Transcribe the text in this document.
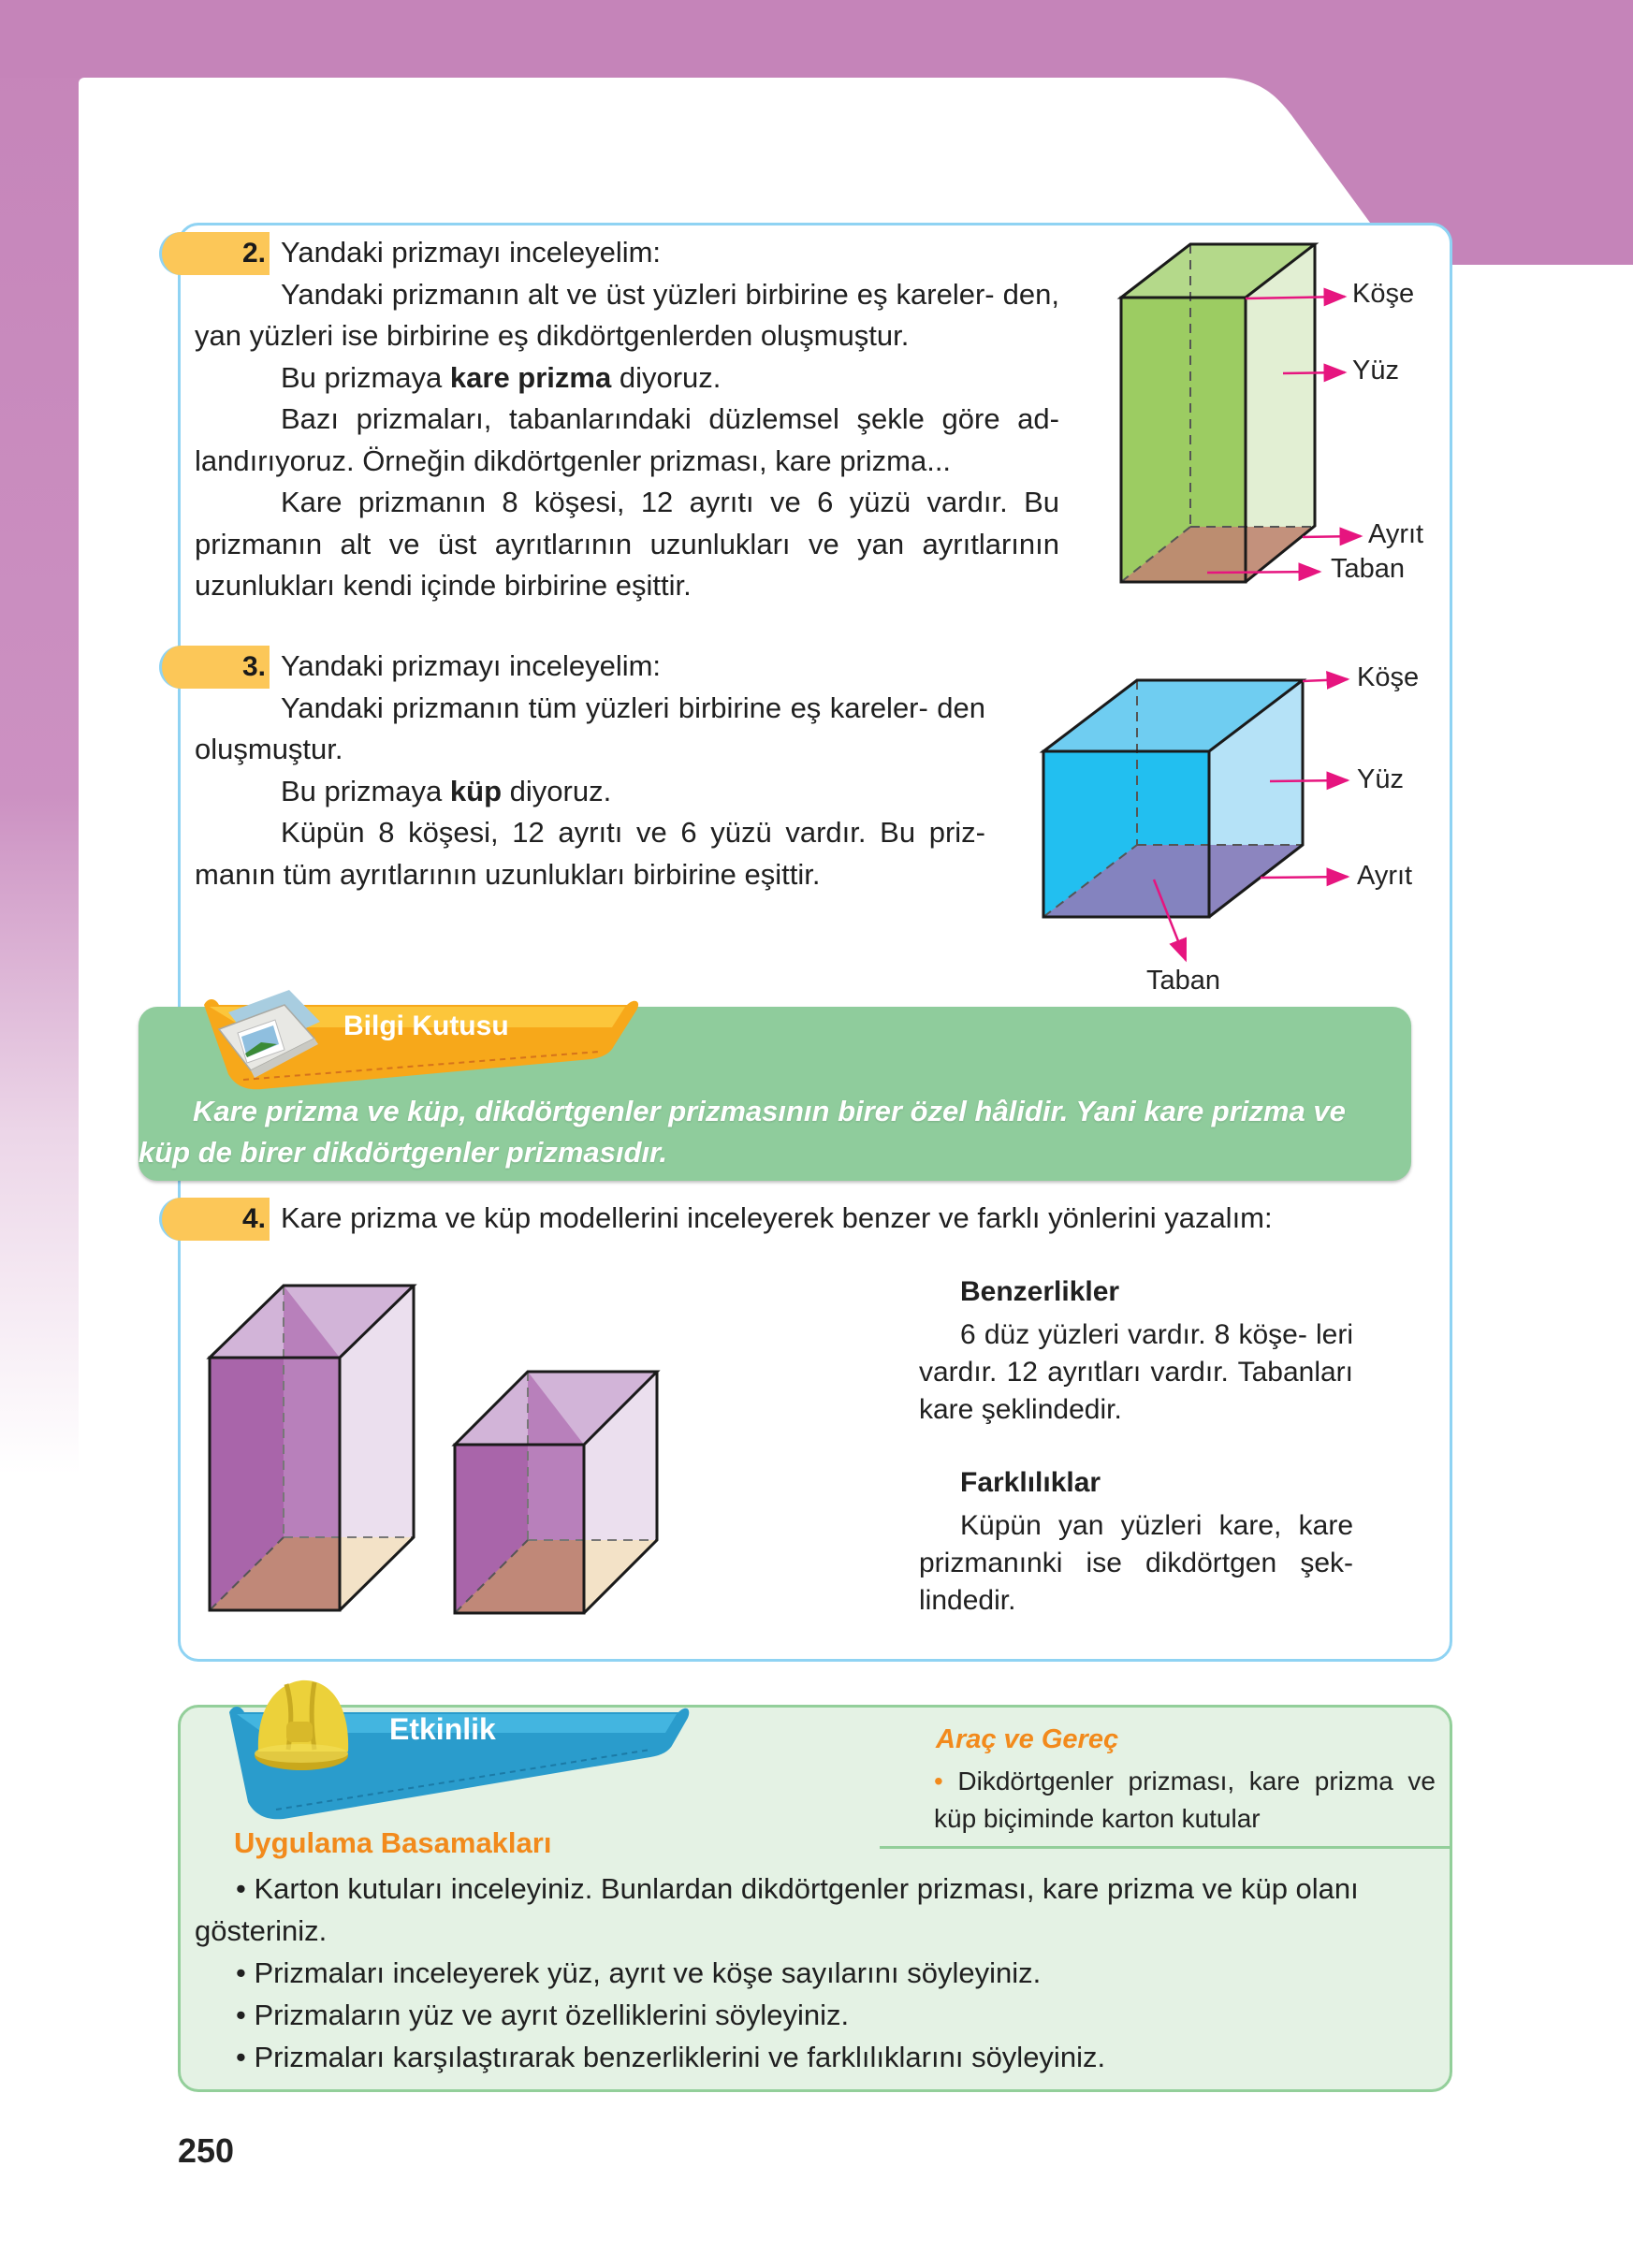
2. Yandaki prizmayı inceleyelim:

Yandaki prizmanın alt ve üst yüzleri birbirine eş kareler- den, yan yüzleri ise birbirine eş dikdörtgenlerden oluşmuştur.

Bu prizmaya kare prizma diyoruz.

Bazı prizmaları, tabanlarındaki düzlemsel şekle göre ad- landırıyoruz. Örneğin dikdörtgenler prizması, kare prizma...

Kare prizmanın 8 köşesi, 12 ayrıtı ve 6 yüzü vardır. Bu prizmanın alt ve üst ayrıtlarının uzunlukları ve yan ayrıtlarının uzunlukları kendi içinde birbirine eşittir.

Köşe
Yüz
Ayrıt
Taban
3. Yandaki prizmayı inceleyelim:

Yandaki prizmanın tüm yüzleri birbirine eş kareler- den oluşmuştur.

Bu prizmaya küp diyoruz.

Küpün 8 köşesi, 12 ayrıtı ve 6 yüzü vardır. Bu priz- manın tüm ayrıtlarının uzunlukları birbirine eşittir.

Köşe
Yüz
Ayrıt
Taban
Kare prizma ve küp, dikdörtgenler prizmasının birer özel hâlidir. Yani kare prizma ve küp de birer dikdörtgenler prizmasıdır.
Bilgi Kutusu
4. Kare prizma ve küp modellerini inceleyerek benzer ve farklı yönlerini yazalım:

Benzerlikler

6 düz yüzleri vardır. 8 köşe- leri vardır. 12 ayrıtları vardır. Tabanları kare şeklindedir.

Farklılıklar

Küpün yan yüzleri kare, kare prizmanınki ise dikdörtgen şek- lindedir.

Etkinlik	Araç ve Gereç
• Dikdörtgenler prizması, kare prizma ve küp biçiminde karton kutular
Uygulama Basamakları
• Karton kutuları inceleyiniz. Bunlardan dikdörtgenler prizması, kare prizma ve küp olanı gösteriniz.
• Prizmaları inceleyerek yüz, ayrıt ve köşe sayılarını söyleyiniz.
• Prizmaların yüz ve ayrıt özelliklerini söyleyiniz.
• Prizmaları karşılaştırarak benzerliklerini ve farklılıklarını söyleyiniz.
250
